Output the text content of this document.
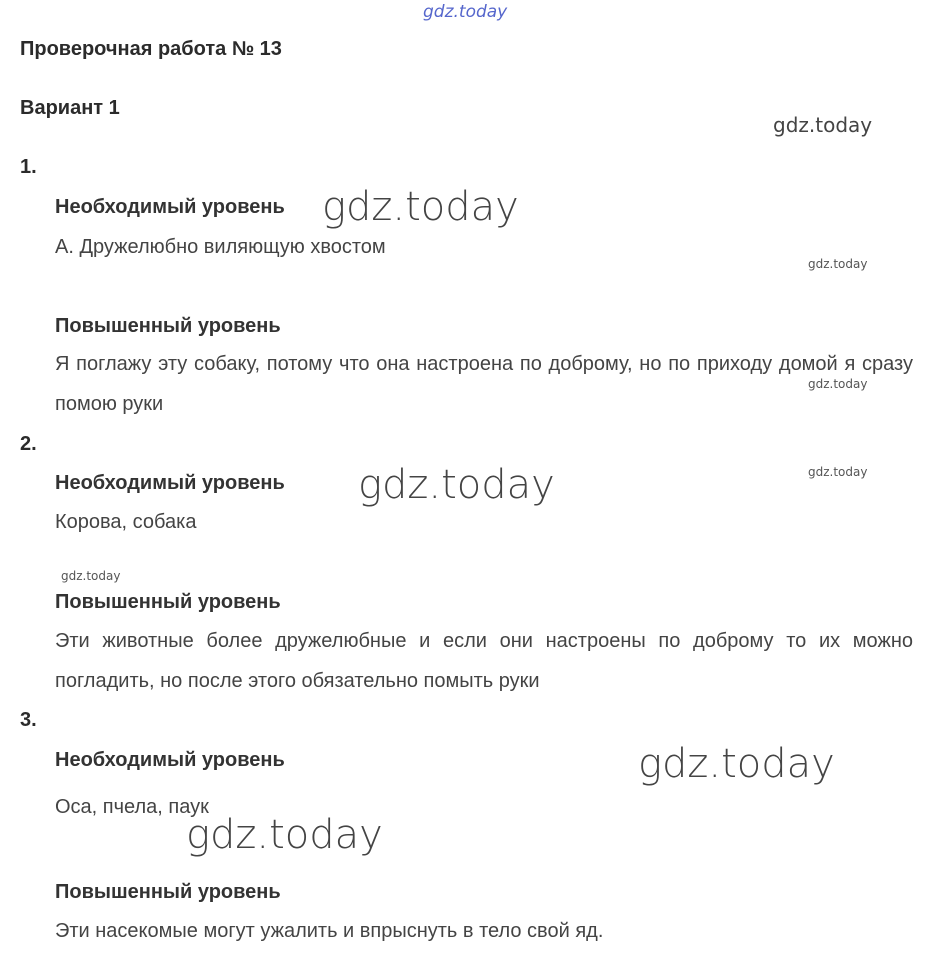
gdz.today
gdz.today
gdz.today
gdz.today
gdz.today
gdz.today
gdz.today
gdz.today
gdz.today
gdz.today
Проверочная работа № 13
Вариант 1
1.
Необходимый уровень
А. Дружелюбно виляющую хвостом
Повышенный уровень
Я поглажу эту собаку, потому что она настроена по доброму, но по приходу домой я сразу помою руки
2.
Необходимый уровень
Корова, собака
Повышенный уровень
Эти животные более дружелюбные и если они настроены по доброму то их можно погладить, но после этого обязательно помыть руки
3.
Необходимый уровень
Оса, пчела, паук
Повышенный уровень
Эти насекомые могут ужалить и впрыснуть в тело свой яд.
